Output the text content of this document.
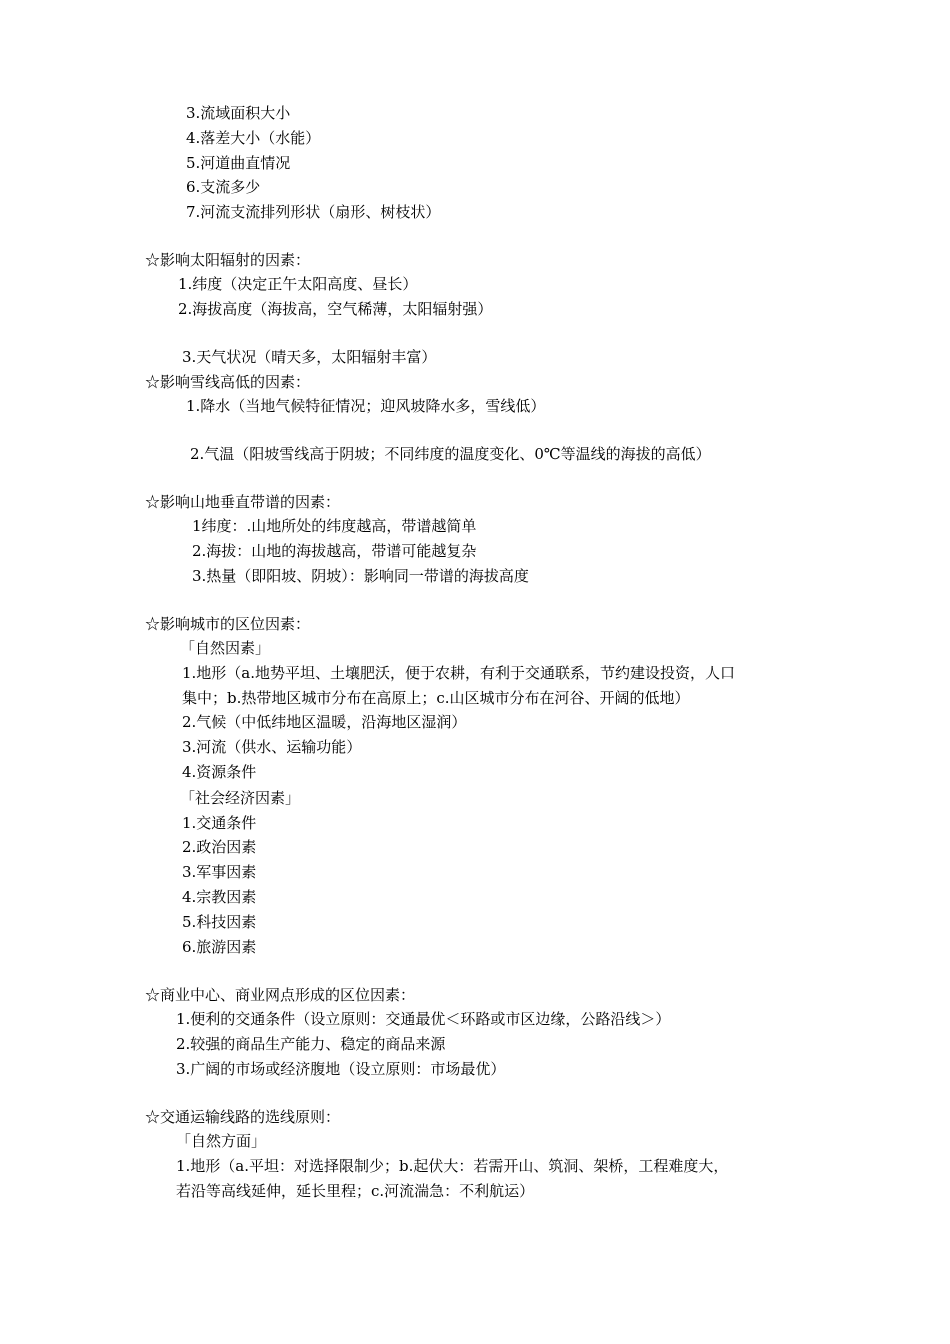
3.流域面积大小
4.落差大小（水能）
5.河道曲直情况
6.支流多少
7.河流支流排列形状（扇形、树枝状）
☆影响太阳辐射的因素：
1.纬度（决定正午太阳高度、昼长）
2.海拔高度（海拔高，空气稀薄，太阳辐射强）
3.天气状况（晴天多，太阳辐射丰富）
☆影响雪线高低的因素：
1.降水（当地气候特征情况；迎风坡降水多，雪线低）
2.气温（阳坡雪线高于阴坡；不同纬度的温度变化、0℃等温线的海拔的高低）
☆影响山地垂直带谱的因素：
1纬度：.山地所处的纬度越高，带谱越简单
2.海拔：山地的海拔越高，带谱可能越复杂
3.热量（即阳坡、阴坡）：影响同一带谱的海拔高度
☆影响城市的区位因素：
「自然因素」
1.地形（a.地势平坦、土壤肥沃，便于农耕，有利于交通联系，节约建设投资，人口
集中；b.热带地区城市分布在高原上；c.山区城市分布在河谷、开阔的低地）
2.气候（中低纬地区温暖，沿海地区湿润）
3.河流（供水、运输功能）
4.资源条件
「社会经济因素」
1.交通条件
2.政治因素
3.军事因素
4.宗教因素
5.科技因素
6.旅游因素
☆商业中心、商业网点形成的区位因素：
1.便利的交通条件（设立原则：交通最优＜环路或市区边缘，公路沿线＞）
2.较强的商品生产能力、稳定的商品来源
3.广阔的市场或经济腹地（设立原则：市场最优）
☆交通运输线路的选线原则：
「自然方面」
1.地形（a.平坦：对选择限制少；b.起伏大：若需开山、筑洞、架桥，工程难度大，
若沿等高线延伸，延长里程；c.河流湍急：不利航运）
